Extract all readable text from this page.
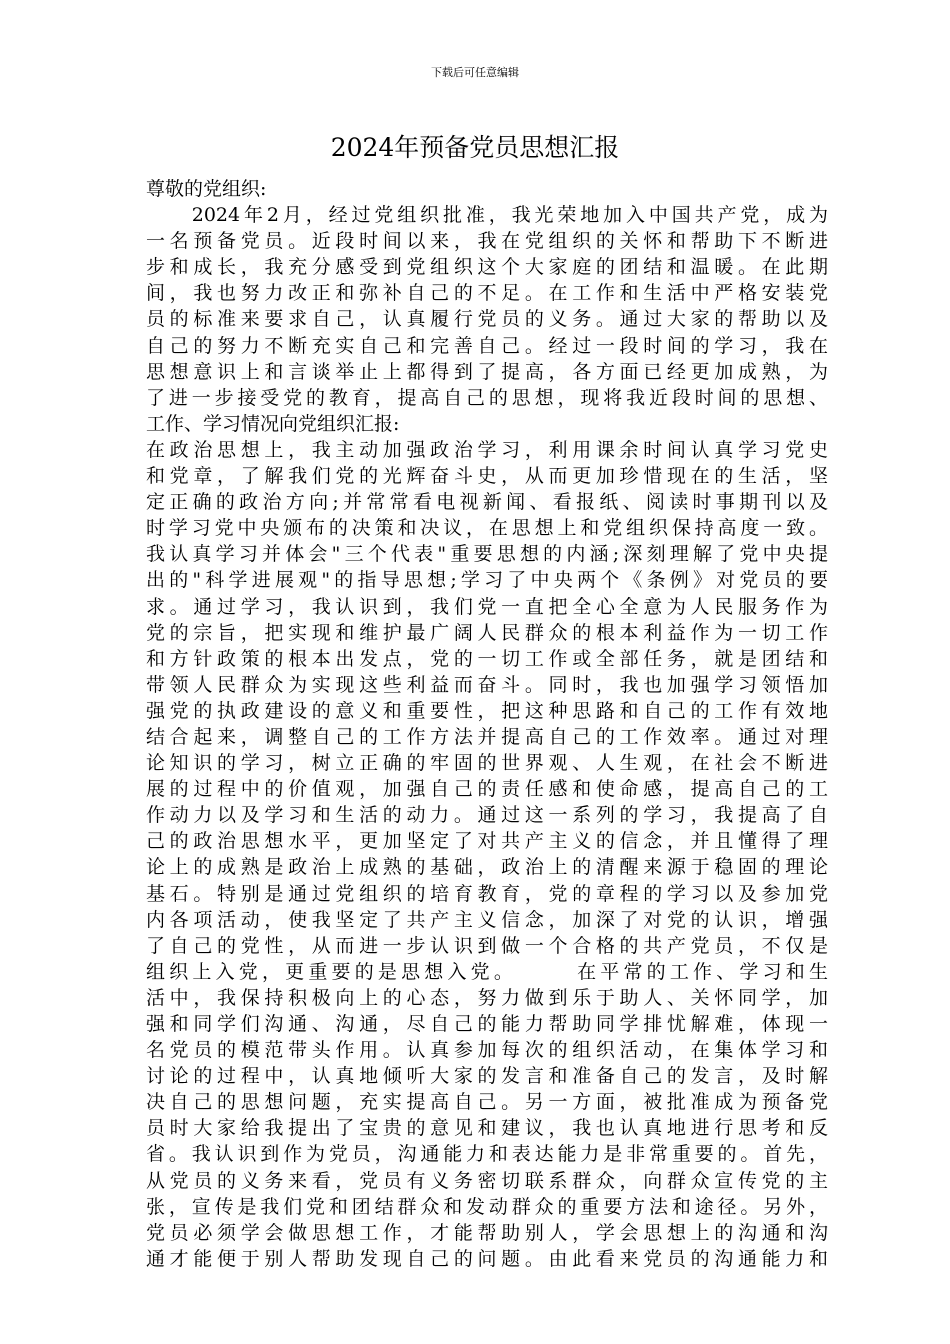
下载后可任意编辑
2024年预备党员思想汇报
尊敬的党组织:
　　2024年2月，经过党组织批准，我光荣地加入中国共产党，成为
一名预备党员。近段时间以来，我在党组织的关怀和帮助下不断进
步和成长，我充分感受到党组织这个大家庭的团结和温暖。在此期
间，我也努力改正和弥补自己的不足。在工作和生活中严格安装党
员的标准来要求自己，认真履行党员的义务。通过大家的帮助以及
自己的努力不断充实自己和完善自己。经过一段时间的学习，我在
思想意识上和言谈举止上都得到了提高，各方面已经更加成熟，为
了进一步接受党的教育，提高自己的思想，现将我近段时间的思想、
工作、学习情况向党组织汇报:
在政治思想上，我主动加强政治学习，利用课余时间认真学习党史
和党章，了解我们党的光辉奋斗史，从而更加珍惜现在的生活，坚
定正确的政治方向;并常常看电视新闻、看报纸、阅读时事期刊以及
时学习党中央颁布的决策和决议，在思想上和党组织保持高度一致。
我认真学习并体会"三个代表"重要思想的内涵;深刻理解了党中央提
出的"科学进展观"的指导思想;学习了中央两个《条例》对党员的要
求。通过学习，我认识到，我们党一直把全心全意为人民服务作为
党的宗旨，把实现和维护最广阔人民群众的根本利益作为一切工作
和方针政策的根本出发点，党的一切工作或全部任务，就是团结和
带领人民群众为实现这些利益而奋斗。同时，我也加强学习领悟加
强党的执政建设的意义和重要性，把这种思路和自己的工作有效地
结合起来，调整自己的工作方法并提高自己的工作效率。通过对理
论知识的学习，树立正确的牢固的世界观、人生观，在社会不断进
展的过程中的价值观，加强自己的责任感和使命感，提高自己的工
作动力以及学习和生活的动力。通过这一系列的学习，我提高了自
己的政治思想水平，更加坚定了对共产主义的信念，并且懂得了理
论上的成熟是政治上成熟的基础，政治上的清醒来源于稳固的理论
基石。特别是通过党组织的培育教育，党的章程的学习以及参加党
内各项活动，使我坚定了共产主义信念，加深了对党的认识，增强
了自己的党性，从而进一步认识到做一个合格的共产党员，不仅是
组织上入党，更重要的是思想入党。　　　在平常的工作、学习和生
活中，我保持积极向上的心态，努力做到乐于助人、关怀同学，加
强和同学们沟通、沟通，尽自己的能力帮助同学排忧解难，体现一
名党员的模范带头作用。认真参加每次的组织活动，在集体学习和
讨论的过程中，认真地倾听大家的发言和准备自己的发言，及时解
决自己的思想问题，充实提高自己。另一方面，被批准成为预备党
员时大家给我提出了宝贵的意见和建议，我也认真地进行思考和反
省。我认识到作为党员，沟通能力和表达能力是非常重要的。首先，
从党员的义务来看，党员有义务密切联系群众，向群众宣传党的主
张，宣传是我们党和团结群众和发动群众的重要方法和途径。另外，
党员必须学会做思想工作，才能帮助别人，学会思想上的沟通和沟
通才能便于别人帮助发现自己的问题。由此看来党员的沟通能力和
